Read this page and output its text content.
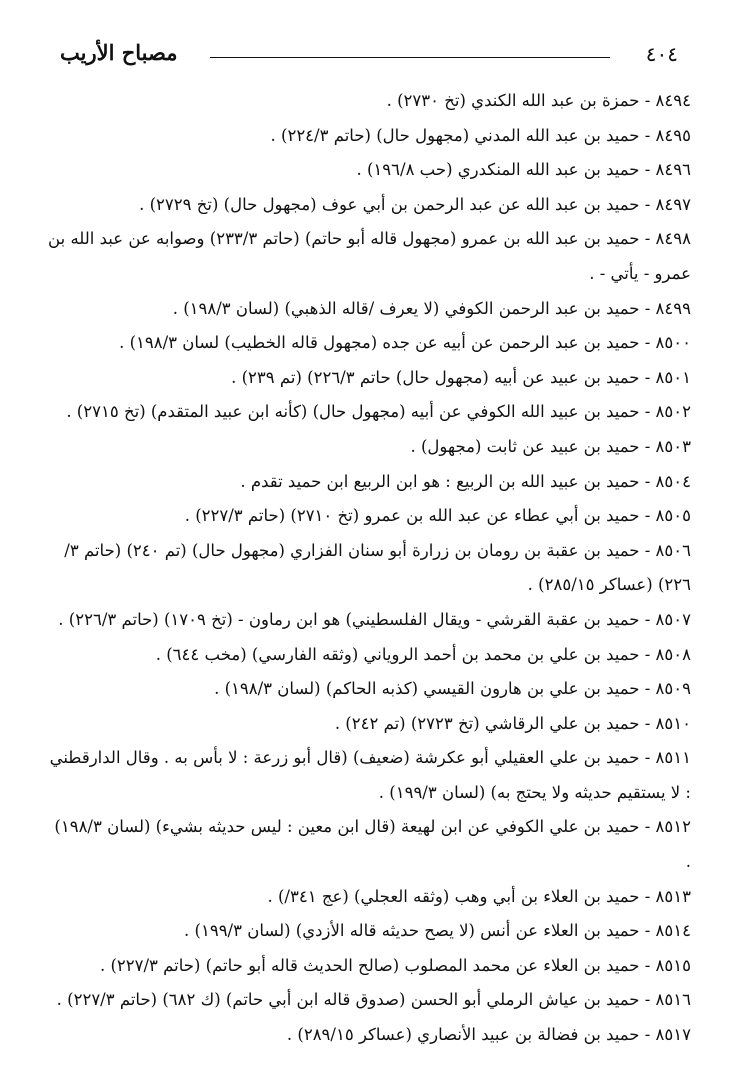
٤٠٤
مصباح الأريب
٨٤٩٤ - حمزة بن عبد الله الكندي (تخ ٢٧٣٠) .
٨٤٩٥ - حميد بن عبد الله المدني (مجهول حال) (حاتم ٢٢٤/٣) .
٨٤٩٦ - حميد بن عبد الله المنكدري (حب ١٩٦/٨) .
٨٤٩٧ - حميد بن عبد الله عن عبد الرحمن بن أبي عوف (مجهول حال) (تخ ٢٧٢٩) .
٨٤٩٨ - حميد بن عبد الله بن عمرو (مجهول قاله أبو حاتم) (حاتم ٢٣٣/٣) وصوابه عن عبد الله بن عمرو - يأتي - .
٨٤٩٩ - حميد بن عبد الرحمن الكوفي (لا يعرف /قاله الذهبي) (لسان ١٩٨/٣) .
٨٥٠٠ - حميد بن عبد الرحمن عن أبيه عن جده (مجهول قاله الخطيب) لسان ١٩٨/٣) .
٨٥٠١ - حميد بن عبيد عن أبيه (مجهول حال) حاتم ٢٢٦/٣) (تم ٢٣٩) .
٨٥٠٢ - حميد بن عبيد الله الكوفي عن أبيه (مجهول حال) (كأنه ابن عبيد المتقدم) (تخ ٢٧١٥) .
٨٥٠٣ - حميد بن عبيد عن ثابت (مجهول) .
٨٥٠٤ - حميد بن عبيد الله بن الربيع : هو ابن الربيع ابن حميد تقدم .
٨٥٠٥ - حميد بن أبي عطاء عن عبد الله بن عمرو (تخ ٢٧١٠) (حاتم ٢٢٧/٣) .
٨٥٠٦ - حميد بن عقبة بن رومان بن زرارة أبو سنان الفزاري (مجهول حال) (تم ٢٤٠) (حاتم ٣/ ٢٢٦) (عساكر ٢٨٥/١٥) .
٨٥٠٧ - حميد بن عقبة القرشي - ويقال الفلسطيني) هو ابن رماون - (تخ ١٧٠٩) (حاتم ٢٢٦/٣) .
٨٥٠٨ - حميد بن علي بن محمد بن أحمد الروياني (وثقه الفارسي) (مخب ٦٤٤) .
٨٥٠٩ - حميد بن علي بن هارون القيسي (كذبه الحاكم) (لسان ١٩٨/٣) .
٨٥١٠ - حميد بن علي الرقاشي (تخ ٢٧٢٣) (تم ٢٤٢) .
٨٥١١ - حميد بن علي العقيلي أبو عكرشة (ضعيف) (قال أبو زرعة : لا بأس به . وقال الدارقطني : لا يستقيم حديثه ولا يحتج به) (لسان ١٩٩/٣) .
٨٥١٢ - حميد بن علي الكوفي عن ابن لهيعة (قال ابن معين : ليس حديثه بشيء) (لسان ١٩٨/٣) .
٨٥١٣ - حميد بن العلاء بن أبي وهب (وثقه العجلي) (عج ٣٤١/) .
٨٥١٤ - حميد بن العلاء عن أنس (لا يصح حديثه قاله الأزدي) (لسان ١٩٩/٣) .
٨٥١٥ - حميد بن العلاء عن محمد المصلوب (صالح الحديث قاله أبو حاتم) (حاتم ٢٢٧/٣) .
٨٥١٦ - حميد بن عياش الرملي أبو الحسن (صدوق قاله ابن أبي حاتم) (ك ٦٨٢) (حاتم ٢٢٧/٣) .
٨٥١٧ - حميد بن فضالة بن عبيد الأنصاري (عساكر ٢٨٩/١٥) .
